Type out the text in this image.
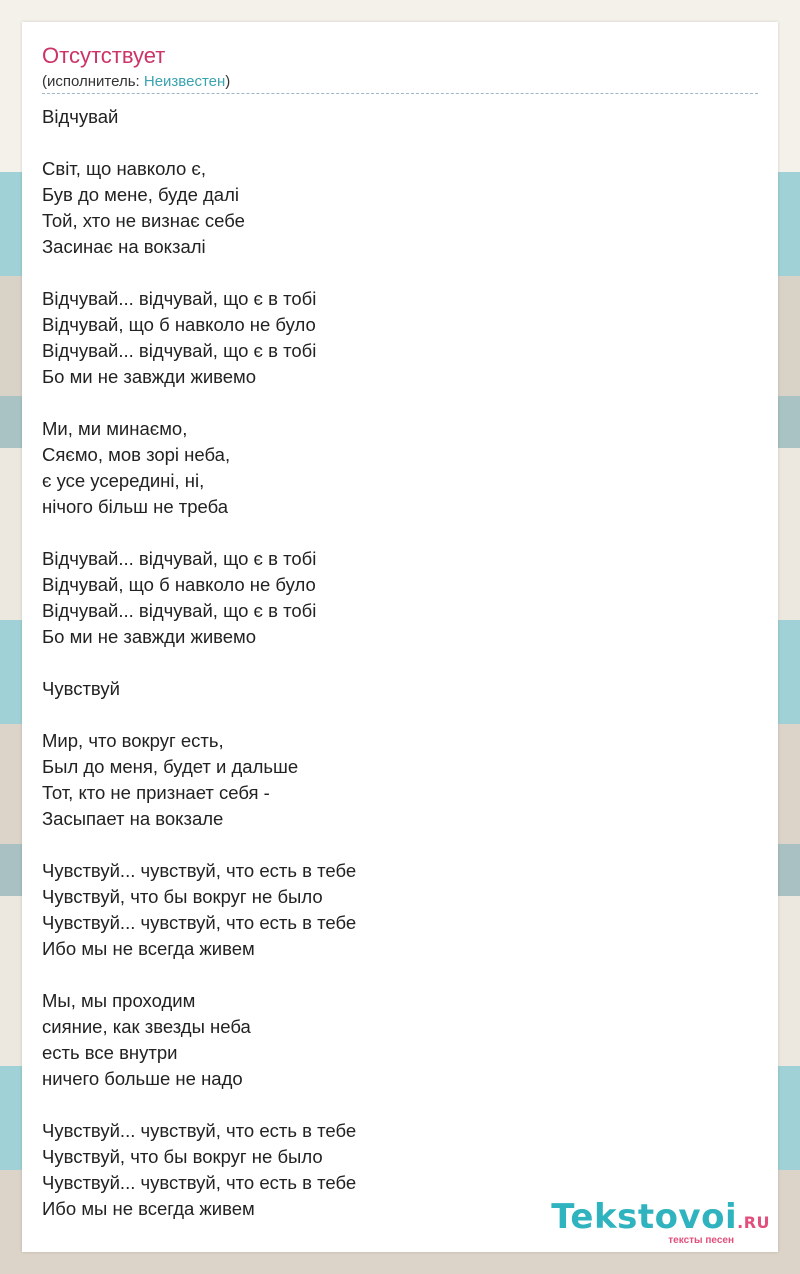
Отсутствует
(исполнитель: Неизвестен)
Відчувай
Світ, що навколо є,
Був до мене, буде далі
Той, хто не визнає себе
Засинає на вокзалі
Відчувай... відчувай, що є в тобі
Відчувай, що б навколо не було
Відчувай... відчувай, що є в тобі
Бо ми не завжди живемо
Ми, ми минаємо,
Сяємо, мов зорі неба,
є усе усередині, ні,
нічого більш не треба
Відчувай... відчувай, що є в тобі
Відчувай, що б навколо не було
Відчувай... відчувай, що є в тобі
Бо ми не завжди живемо
Чувствуй
Мир, что вокруг есть,
Был до меня, будет и дальше
Тот, кто не признает себя -
Засыпает на вокзале
Чувствуй... чувствуй, что есть в тебе
Чувствуй, что бы вокруг не было
Чувствуй... чувствуй, что есть в тебе
Ибо мы не всегда живем
Мы, мы проходим
сияние, как звезды неба
есть все внутри
ничего больше не надо
Чувствуй... чувствуй, что есть в тебе
Чувствуй, что бы вокруг не было
Чувствуй... чувствуй, что есть в тебе
Ибо мы не всегда живем	Tekstovoi.RU
тексты песен
